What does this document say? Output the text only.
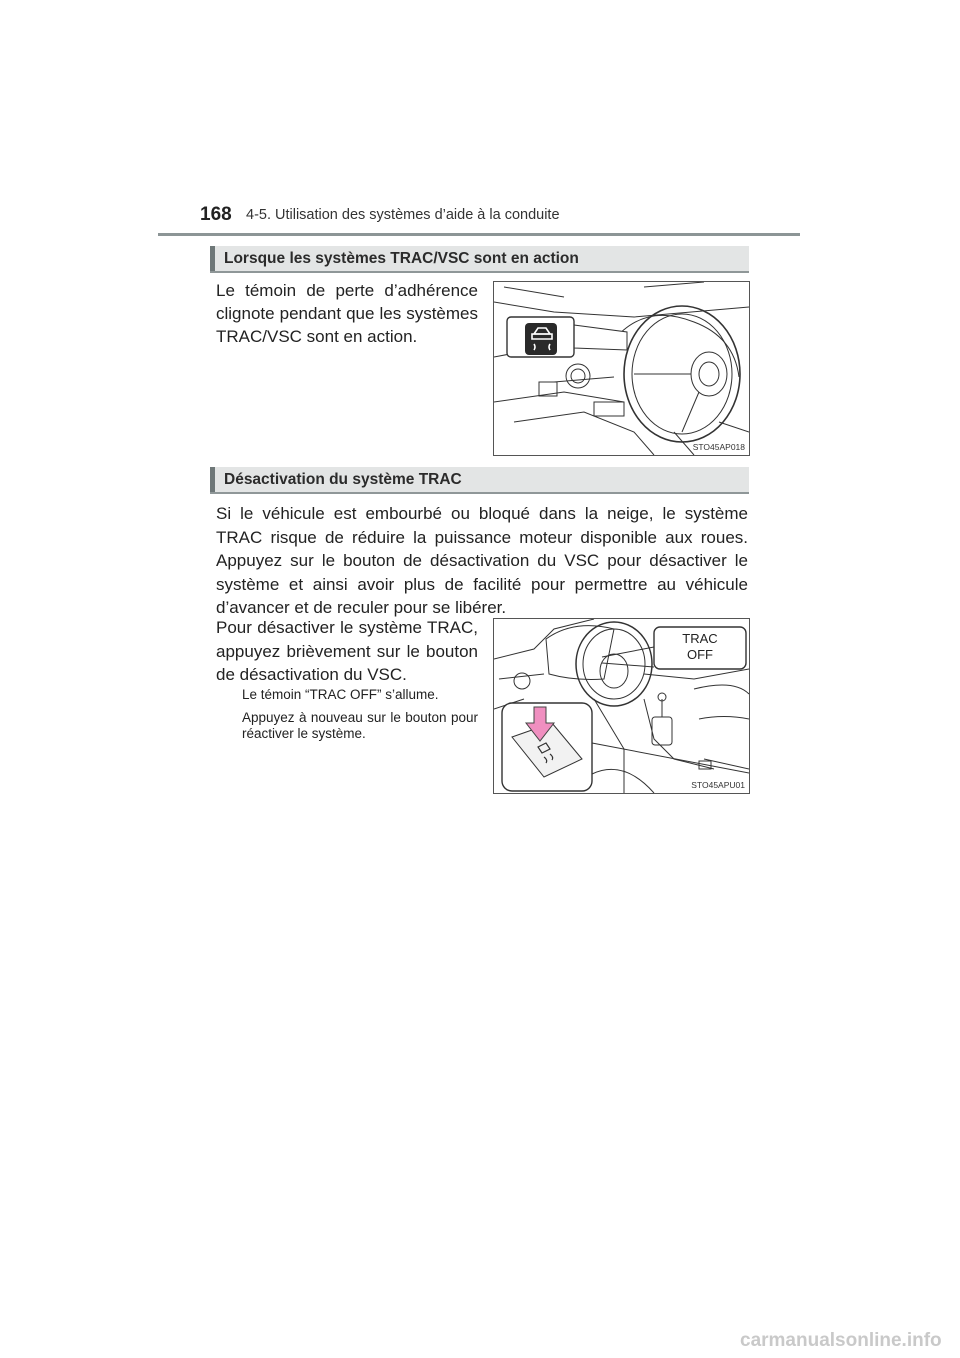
168 4-5. Utilisation des systèmes d’aide à la conduite
Lorsque les systèmes TRAC/VSC sont en action
Le témoin de perte d’adhérence clignote pendant que les systèmes TRAC/VSC sont en action.
STO45AP018
Désactivation du système TRAC
Si le véhicule est embourbé ou bloqué dans la neige, le système TRAC risque de réduire la puissance moteur disponible aux roues. Appuyez sur le bouton de désactivation du VSC pour désactiver le système et ainsi avoir plus de facilité pour permettre au véhicule d’avancer et de reculer pour se libérer.
Pour désactiver le système TRAC, appuyez brièvement sur le bouton de désactivation du VSC.
Le témoin “TRAC OFF” s’allume.
Appuyez à nouveau sur le bouton pour réactiver le système.
TRAC
OFF
STO45APU01
carmanualsonline.info
